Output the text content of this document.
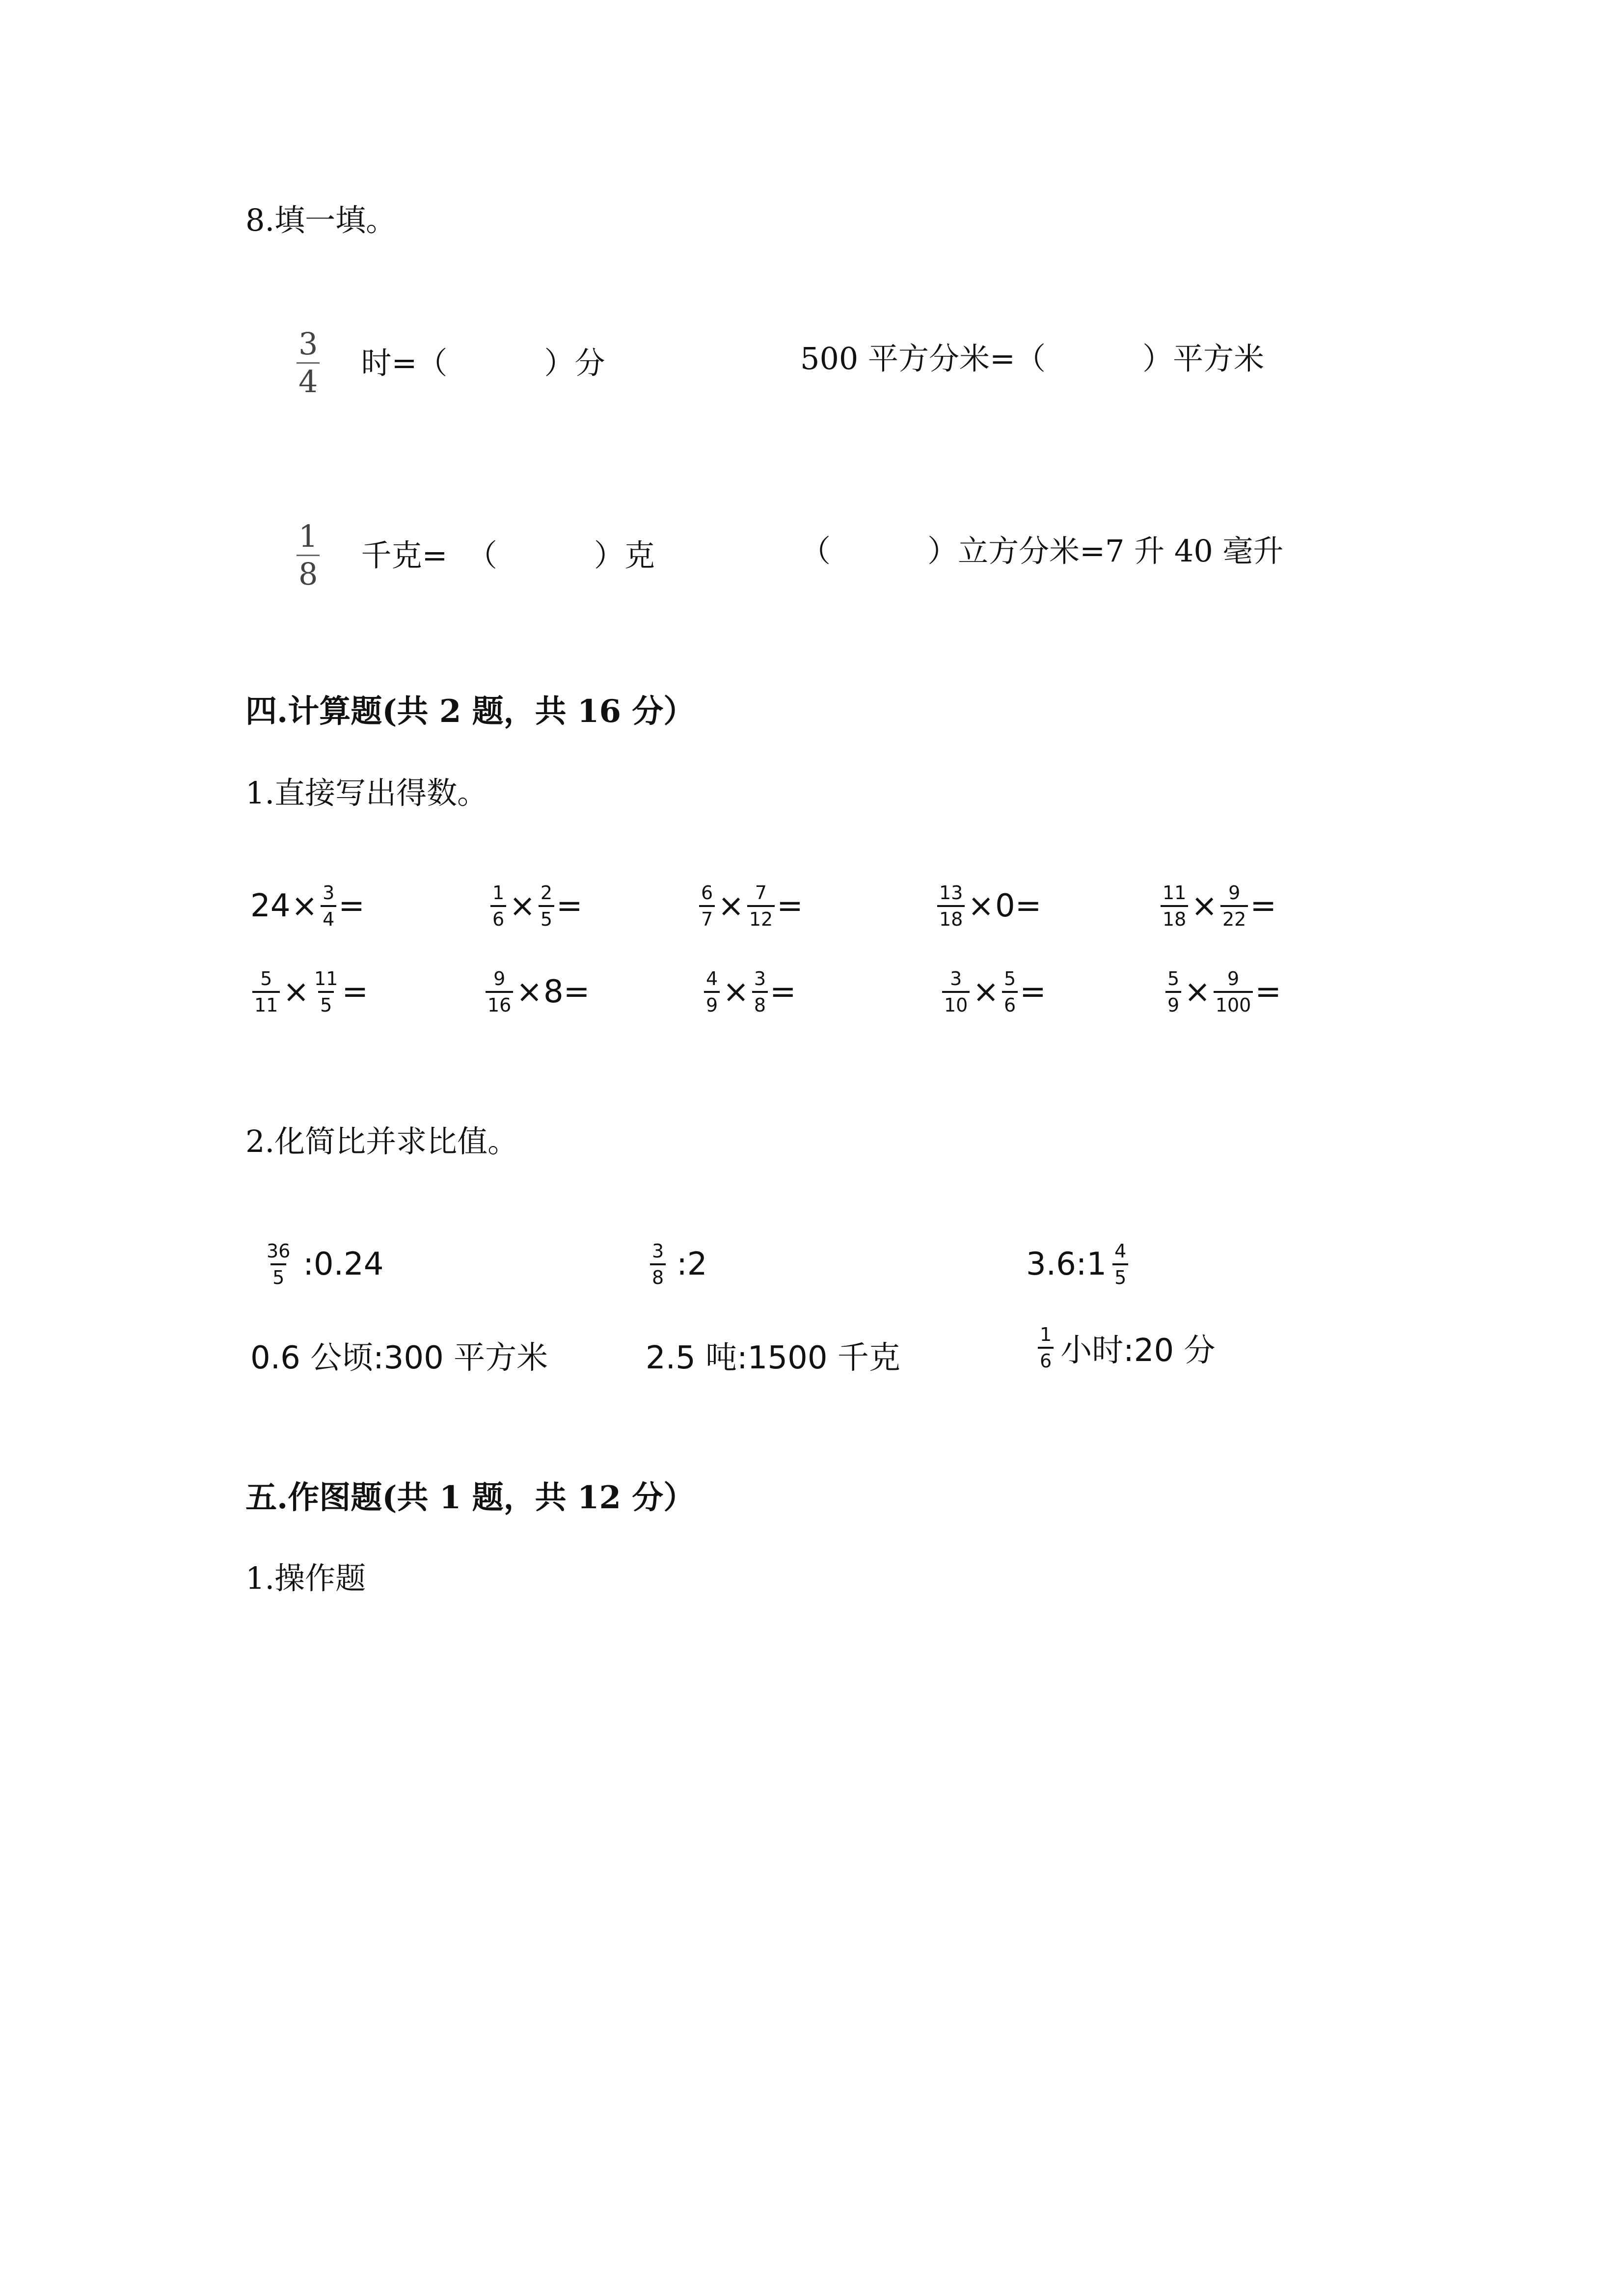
8.填一填。
$\frac{3}{4}$ 时=（          ）分	500 平方分米=（          ）平方米
$\frac{1}{8}$ 千克=  （          ）克	（          ）立方分米=7 升 40 毫升
四.计算题(共 2 题，共 16 分）
1.直接写出得数。
$24 \times \frac{3}{4}$ =	$\frac{1}{6} \times \frac{2}{5}$ =	$\frac{6}{7} \times \frac{7}{12}$ =	$\frac{13}{18} \times 0$ =	$\frac{11}{18} \times \frac{9}{22}$ =
$\frac{5}{11} \times \frac{11}{5}$ =	$\frac{9}{16} \times 8$ =	$\frac{4}{9} \times \frac{3}{8}$ =	$\frac{3}{10} \times \frac{5}{6}$ =	$\frac{5}{9} \times \frac{9}{100}$ =
2.化简比并求比值。
$\frac{36}{5}$ :0.24	$\frac{3}{8}$ :2	3.6:1 $\frac{4}{5}$
0.6 公顷:300 平方米	2.5 吨:1500 千克	$\frac{1}{6}$ 小时:20 分
五.作图题(共 1 题，共 12 分）
1.操作题
